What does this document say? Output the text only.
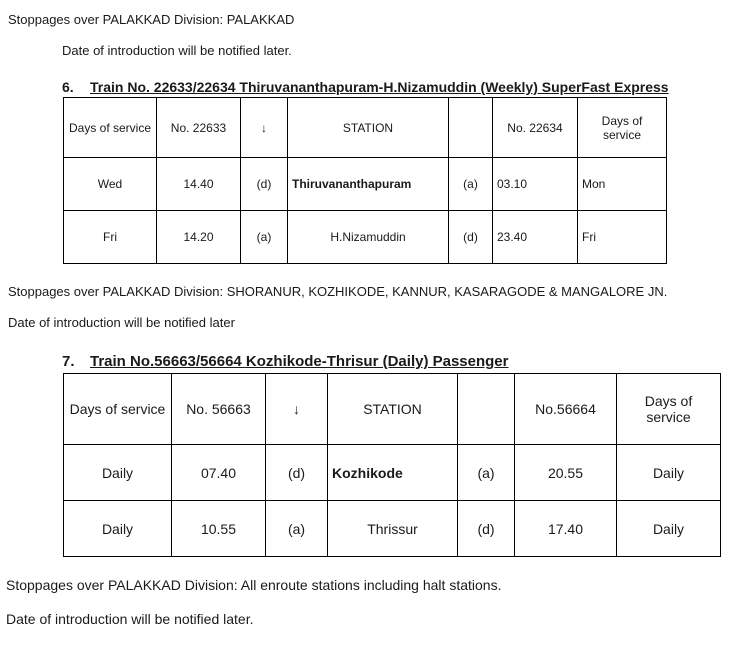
Stoppages over PALAKKAD Division: PALAKKAD
Date of introduction will be notified later.
6. Train No. 22633/22634 Thiruvananthapuram-H.Nizamuddin (Weekly) SuperFast Express
Days of service	No. 22633	↓	STATION		No. 22634	Days of service
Wed	14.40	(d)	Thiruvananthapuram	(a)	03.10	Mon
Fri	14.20	(a)	H.Nizamuddin	(d)	23.40	Fri
Stoppages over PALAKKAD Division: SHORANUR, KOZHIKODE, KANNUR, KASARAGODE & MANGALORE JN.
Date of introduction will be notified later
7. Train No.56663/56664 Kozhikode-Thrisur (Daily) Passenger
Days of service	No. 56663	↓	STATION		No.56664	Days of service
Daily	07.40	(d)	Kozhikode	(a)	20.55	Daily
Daily	10.55	(a)	Thrissur	(d)	17.40	Daily
Stoppages over PALAKKAD Division: All enroute stations including halt stations.
Date of introduction will be notified later.
